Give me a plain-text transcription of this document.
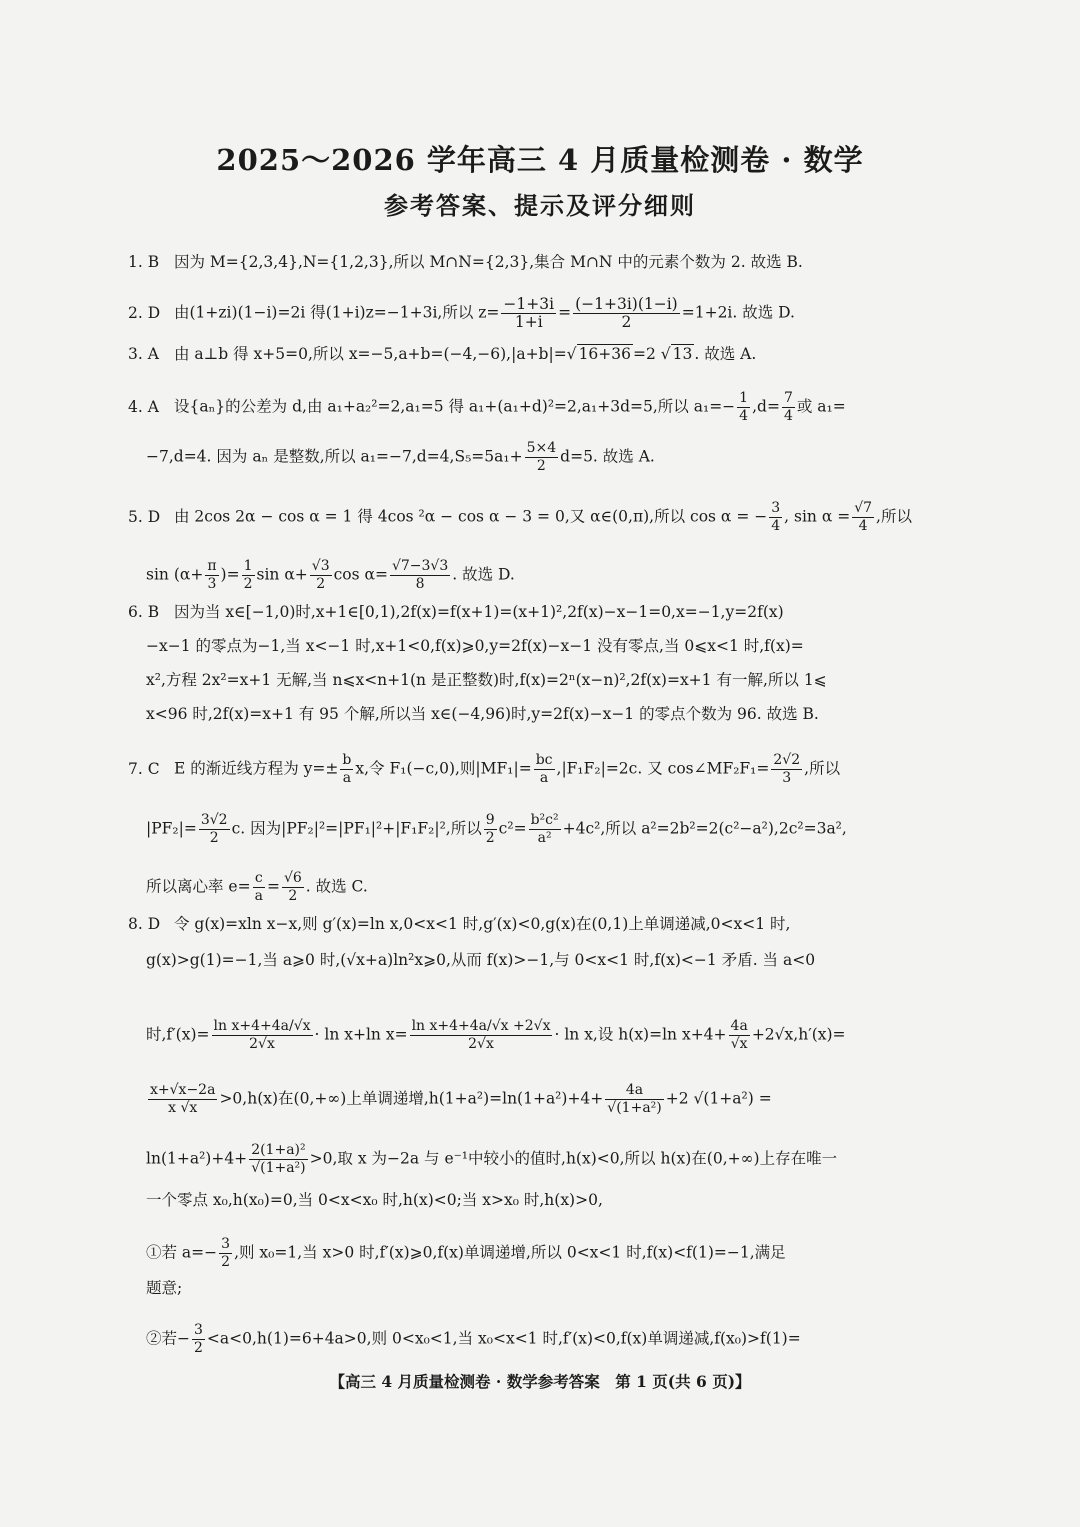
2025～2026 学年高三 4 月质量检测卷 · 数学
参考答案、提示及评分细则
1. B 因为 M={2,3,4},N={1,2,3},所以 M∩N={2,3},集合 M∩N 中的元素个数为 2. 故选 B.
2. D 由(1+zi)(1−i)=2i 得(1+i)z=−1+3i,所以 $z= \frac{-1+3i}{1+i} = \frac{(-1+3i)(1-i)}{2} =1+2i$. 故选 D.
3. A 由 a⊥b 得 x+5=0,所以 x=−5,a+b=(−4,−6),|a+b|=√ 16+36 =2 √ 13 . 故选 A.
4. A 设{aₙ}的公差为 d,由 a₁+a₂²=2,a₁=5 得 a₁+(a₁+d)²=2,a₁+3d=5,所以 $a_1=- \frac{1}{4} ,d= \frac{7}{4}$ 或 a₁=
−7,d=4. 因为 aₙ 是整数,所以 $a_1=-7,d=4,S_5=5a_1+ \frac{5\times 4}{2} d=5$. 故选 A.
5. D 由 2cos 2α − cos α = 1 得 4cos ²α − cos α − 3 = 0,又 α∈(0,π),所以 cos α = − $\frac{3}{4}$ , $\sin \alpha = \frac{√7}{4}$ ,所以
$\sin (\alpha+ \frac{\pi}{3}$ )= $\frac{1}{2}$ $\sin \alpha+ \frac{√3}{2}$ $\cos \alpha= \frac{√7-3√3}{8}$ . 故选 D.
6. B 因为当 x∈[−1,0)时,x+1∈[0,1),2f(x)=f(x+1)=(x+1)²,2f(x)−x−1=0,x=−1,y=2f(x)
−x−1 的零点为−1,当 x<−1 时,x+1<0,f(x)⩾0,y=2f(x)−x−1 没有零点,当 0⩽x<1 时,f(x)=
x²,方程 2x²=x+1 无解,当 n⩽x<n+1(n 是正整数)时,f(x)=2ⁿ(x−n)²,2f(x)=x+1 有一解,所以 1⩽
x<96 时,2f(x)=x+1 有 95 个解,所以当 x∈(−4,96)时,y=2f(x)−x−1 的零点个数为 96. 故选 B.
7. C E 的渐近线方程为 $y=\pm \frac{b}{a} x$,令 F₁(−c,0),则$|MF_1|= \frac{bc}{a} ,|F_1F_2|=2c$. 又 cos∠MF₂F₁= $\frac{2√2}{3}$ ,所以
$|PF_2|= \frac{3√2}{2} c$. 因为|PF₂|²=|PF₁|²+|F₁F₂|²,所以 $\frac{9}{2} c^2= \frac{\text{b²c²}}{\text{a²}} +4c^2$,所以 a²=2b²=2(c²−a²),2c²=3a²,
所以离心率 $e= \frac{c}{a} = \frac{√6}{2}$ . 故选 C.
8. D 令 g(x)=xln x−x,则 g′(x)=ln x,0<x<1 时,g′(x)<0,g(x)在(0,1)上单调递减,0<x<1 时,
g(x)>g(1)=−1,当 a⩾0 时,(√x+a)ln²x⩾0,从而 f(x)>−1,与 0<x<1 时,f(x)<−1 矛盾. 当 a<0
时$,f'(x)= \frac{\text{ln x+4+4a/√x}}{2√x} \cdot \ln x+\ln$ $x= \frac{\text{ln x+4+4a/√x +2√x}}{2√x} \cdot \ln x$,设 h(x)=ln $x+4+ \frac{4a}{√x} +2√x,h'(x)=$
$\frac{x+√x-2a}{x √x} >0,h(x)$在(0,+∞)上单调递增$,h(1+a^2)=\ln(1+a^2)+4+ \frac{4a}{\text{√(1+a²)}} +2$ √(1+a²) =
$\ln(1+a^2)+4+ \frac{\text{2(1+a)²}}{\text{√(1+a²)}} >0$,取 x 为−2a 与 e⁻¹中较小的值时,h(x)<0,所以 h(x)在(0,+∞)上存在唯一
一个零点 x₀,h(x₀)=0,当 0<x<x₀ 时,h(x)<0;当 x>x₀ 时,h(x)>0,
①若 $a=- \frac{3}{2}$ ,则 x₀=1,当 x>0 时,f′(x)⩾0,f(x)单调递增,所以 0<x<1 时,f(x)<f(1)=−1,满足
题意;
②若− $\frac{3}{2} <a<0,h(1)=6+4a>0$,则 0<x₀<1,当 x₀<x<1 时,f′(x)<0,f(x)单调递减,f(x₀)>f(1)=
【高三 4 月质量检测卷 · 数学参考答案　第 1 页(共 6 页)】
